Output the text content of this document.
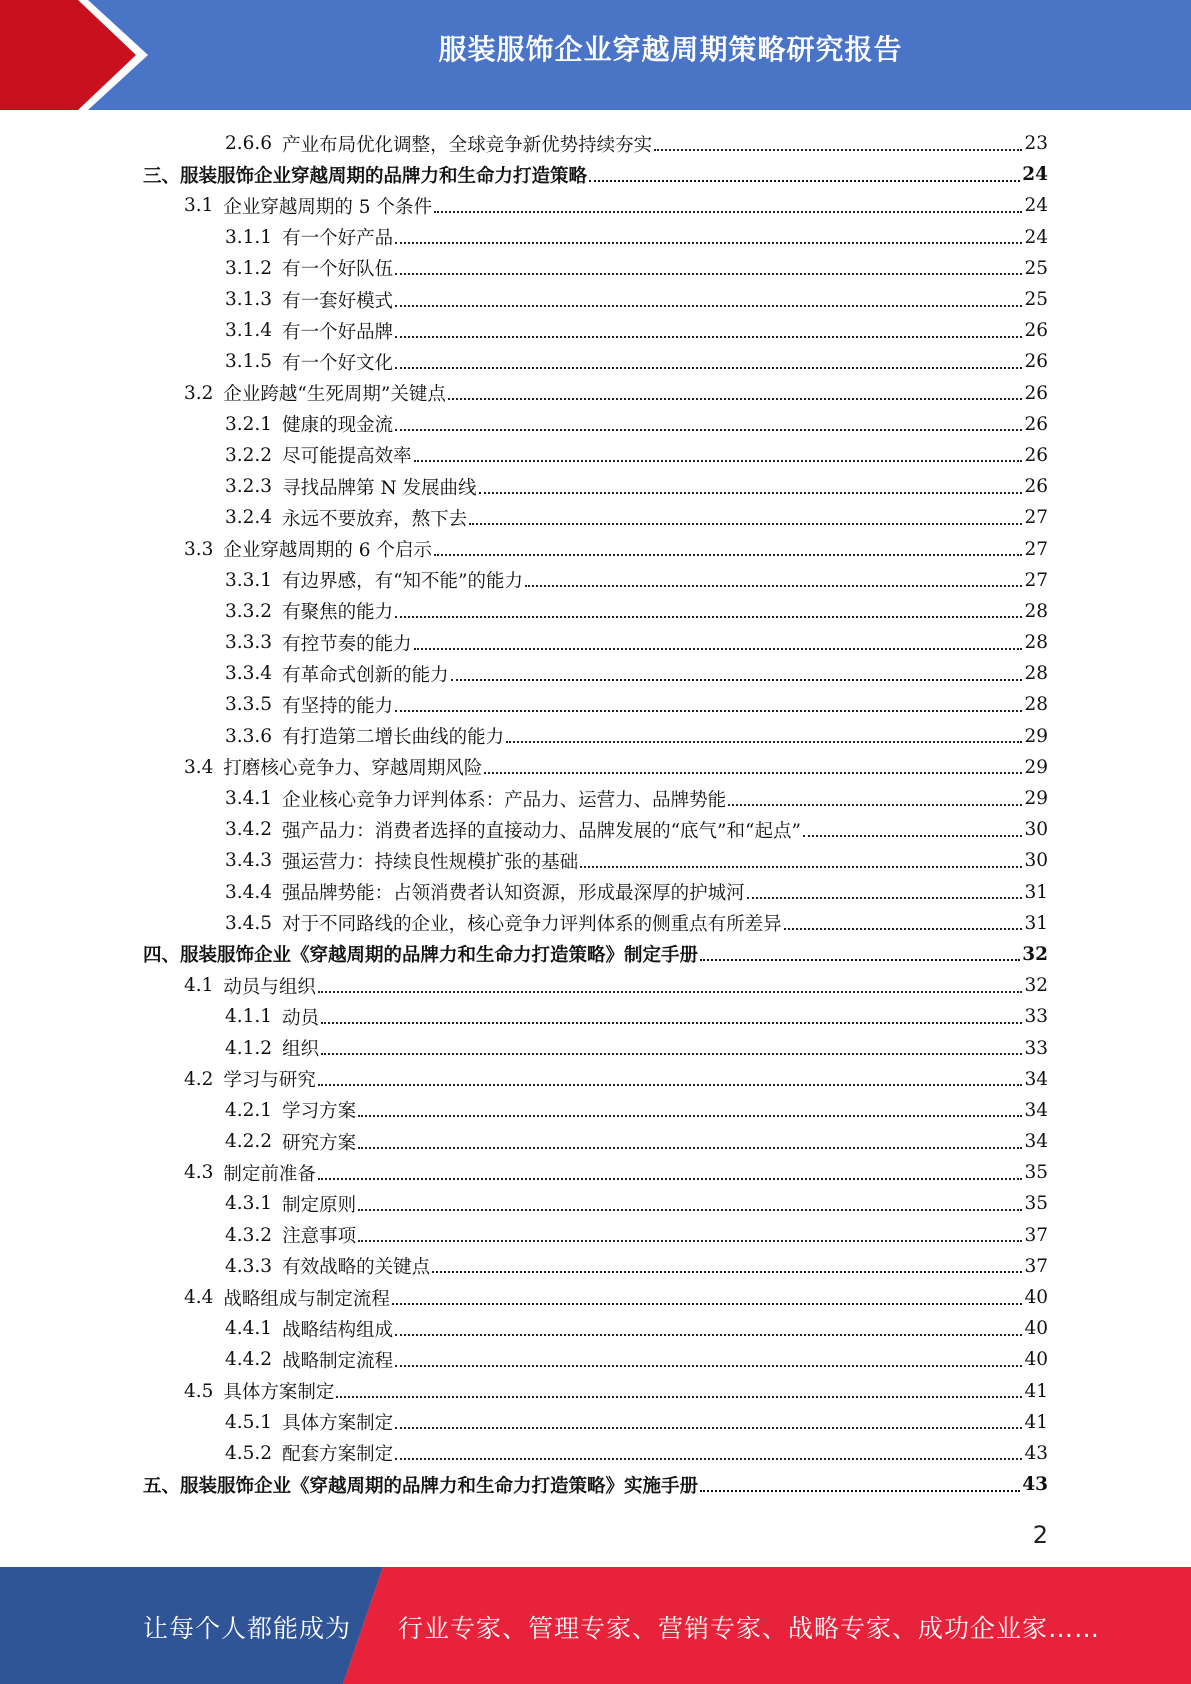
服装服饰企业穿越周期策略研究报告
2.6.6 产业布局优化调整，全球竞争新优势持续夯实	23
三、服装服饰企业穿越周期的品牌力和生命力打造策略	24
3.1 企业穿越周期的 5 个条件	24
3.1.1 有一个好产品	24
3.1.2 有一个好队伍	25
3.1.3 有一套好模式	25
3.1.4 有一个好品牌	26
3.1.5 有一个好文化	26
3.2 企业跨越“生死周期”关键点	26
3.2.1 健康的现金流	26
3.2.2 尽可能提高效率	26
3.2.3 寻找品牌第 N 发展曲线	26
3.2.4 永远不要放弃，熬下去	27
3.3 企业穿越周期的 6 个启示	27
3.3.1 有边界感，有“知不能”的能力	27
3.3.2 有聚焦的能力	28
3.3.3 有控节奏的能力	28
3.3.4 有革命式创新的能力	28
3.3.5 有坚持的能力	28
3.3.6 有打造第二增长曲线的能力	29
3.4 打磨核心竞争力、穿越周期风险	29
3.4.1 企业核心竞争力评判体系：产品力、运营力、品牌势能	29
3.4.2 强产品力：消费者选择的直接动力、品牌发展的“底气”和“起点”	30
3.4.3 强运营力：持续良性规模扩张的基础	30
3.4.4 强品牌势能：占领消费者认知资源，形成最深厚的护城河	31
3.4.5 对于不同路线的企业，核心竞争力评判体系的侧重点有所差异	31
四、服装服饰企业《穿越周期的品牌力和生命力打造策略》制定手册	32
4.1 动员与组织	32
4.1.1 动员	33
4.1.2 组织	33
4.2 学习与研究	34
4.2.1 学习方案	34
4.2.2 研究方案	34
4.3 制定前准备	35
4.3.1 制定原则	35
4.3.2 注意事项	37
4.3.3 有效战略的关键点	37
4.4 战略组成与制定流程	40
4.4.1 战略结构组成	40
4.4.2 战略制定流程	40
4.5 具体方案制定	41
4.5.1 具体方案制定	41
4.5.2 配套方案制定	43
五、服装服饰企业《穿越周期的品牌力和生命力打造策略》实施手册	43
2
让每个人都能成为 行业专家、管理专家、营销专家、战略专家、成功企业家……
